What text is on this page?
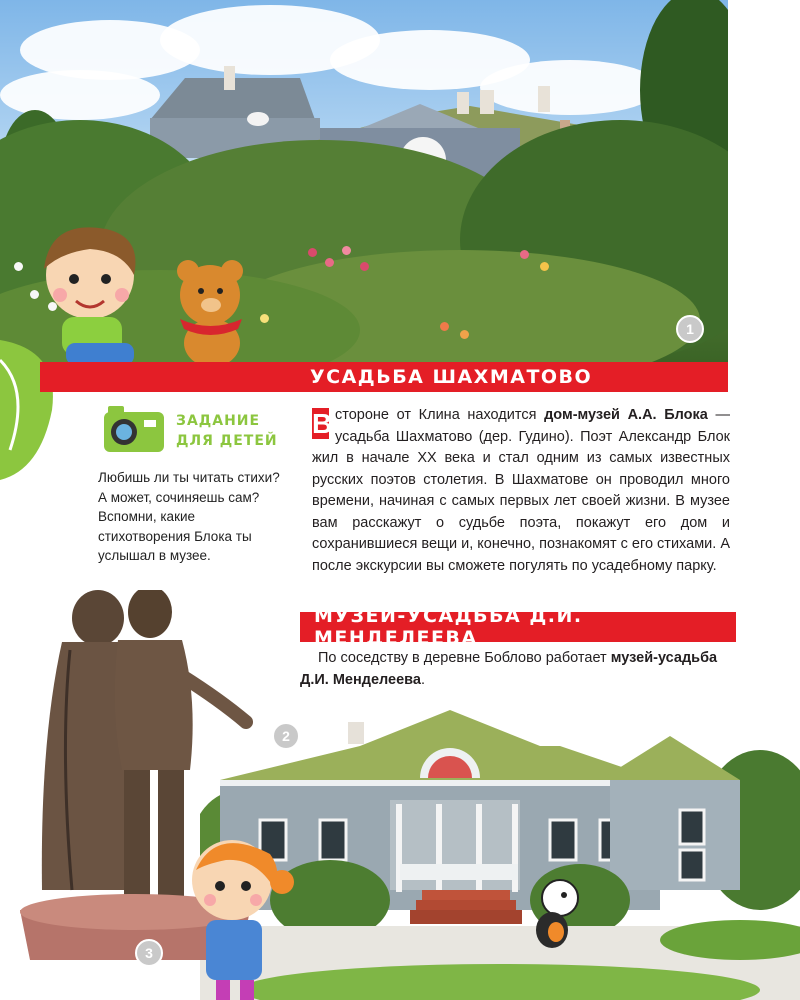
1
УСАДЬБА ШАХМАТОВО
ЗАДАНИЕ
ДЛЯ ДЕТЕЙ
Любишь ли ты читать стихи? А может, сочиняешь сам? Вспомни, какие стихотворения Блока ты услышал в музее.
В стороне от Клина находится дом-музей А.А. Блока — усадьба Шахматово (дер. Гудино). Поэт Александр Блок жил в начале XX века и стал одним из самых известных русских поэтов столетия. В Шахматове он проводил много времени, начиная с самых первых лет своей жизни. В музее вам расскажут о судьбе поэта, покажут его дом и сохранившиеся вещи и, конечно, познакомят с его стихами. А после экскурсии вы сможете погулять по усадебному парку.
МУЗЕЙ-УСАДЬБА Д.И. МЕНДЕЛЕЕВА
По соседству в деревне Боблово работает музей-усадьба Д.И. Менделеева.
2
3
